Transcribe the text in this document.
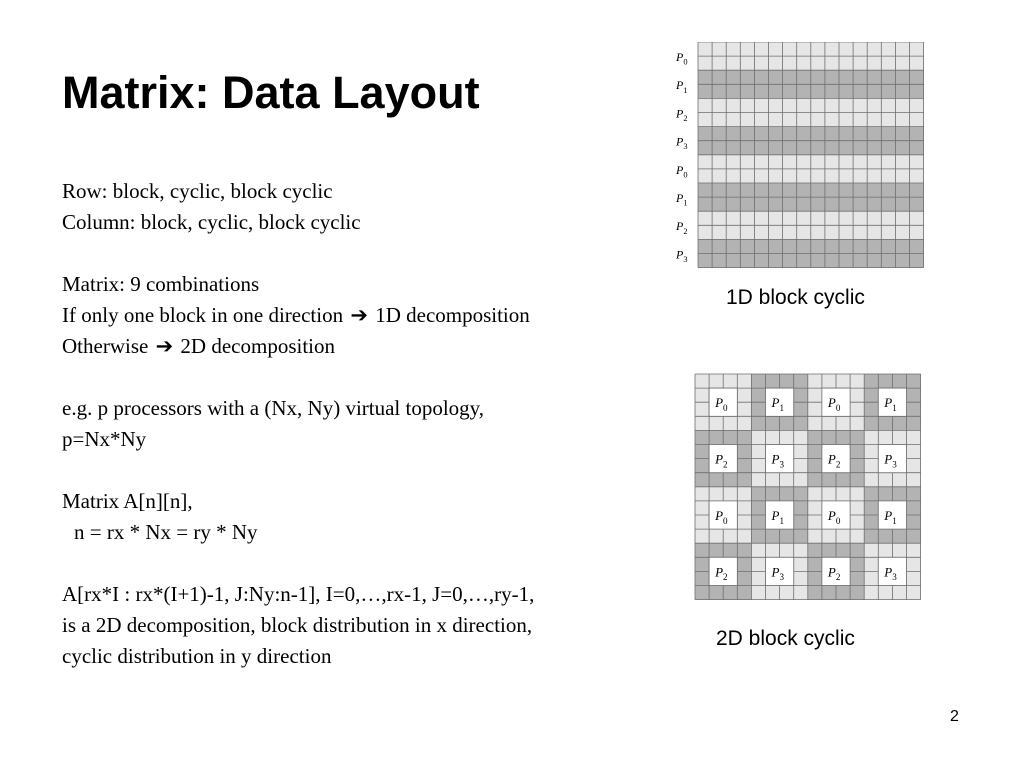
Matrix: Data Layout
Row: block, cyclic, block cyclic
Column: block, cyclic, block cyclic
Matrix: 9 combinations
If only one block in one direction ➔ 1D decomposition
Otherwise ➔ 2D decomposition
e.g. p processors with a (Nx, Ny) virtual topology,
p=Nx*Ny
Matrix A[n][n],
n = rx * Nx = ry * Ny
A[rx*I : rx*(I+1)-1, J:Ny:n-1], I=0,…,rx-1, J=0,…,ry-1,
is a 2D decomposition, block distribution in x direction,
cyclic distribution in y direction
$P_0$
$P_1$
$P_2$
$P_3$
$P_0$
$P_1$
$P_2$
$P_3$
1D block cyclic
$P_0$	$P_1$	$P_0$	$P_1$
$P_2$	$P_3$	$P_2$	$P_3$
$P_0$	$P_1$	$P_0$	$P_1$
$P_2$	$P_3$	$P_2$	$P_3$
2D block cyclic
2
